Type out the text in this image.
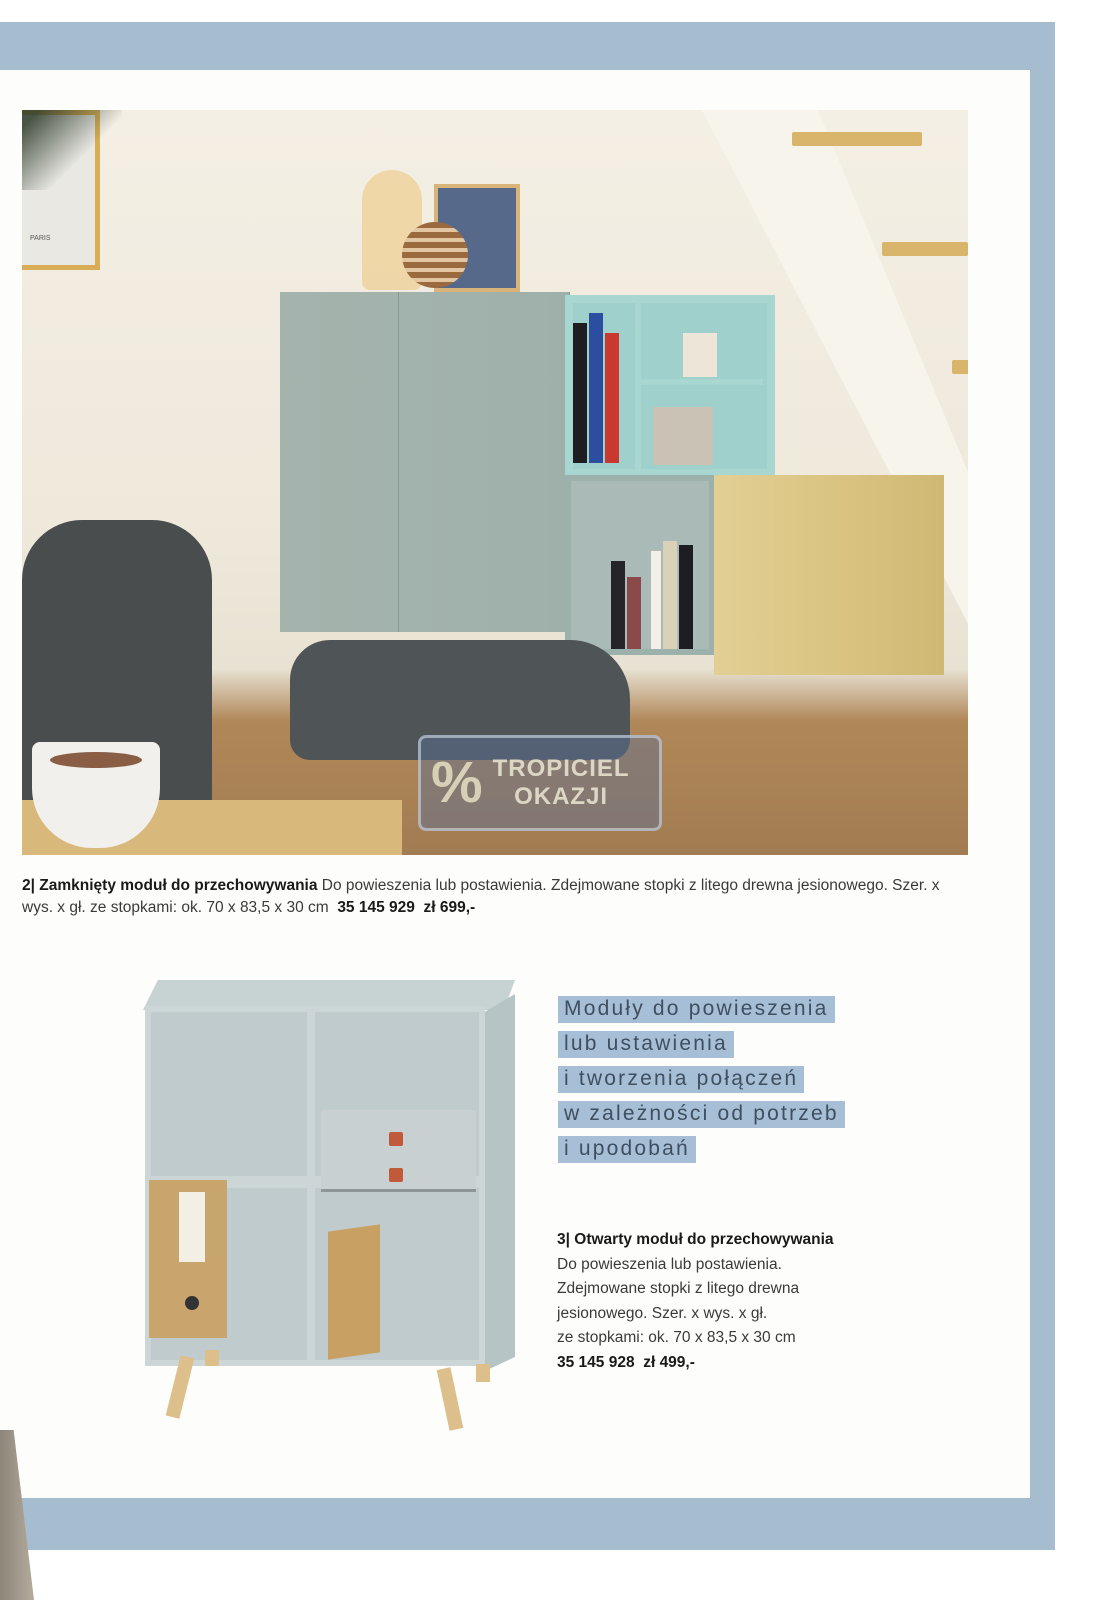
PARIS
% TROPICIEL
OKAZJI

2| Zamknięty moduł do przechowywania Do powieszenia lub postawienia. Zdejmowane stopki z litego drewna jesionowego. Szer. x wys. x gł. ze stopkami: ok. 70 x 83,5 x 30 cm 35 145 929 zł 699,-

Moduły do powieszenia
lub ustawienia
i tworzenia połączeń
w zależności od potrzeb
i upodobań
3| Otwarty moduł do przechowywania
Do powieszenia lub postawienia.
Zdejmowane stopki z litego drewna
jesionowego. Szer. x wys. x gł.
ze stopkami: ok. 70 x 83,5 x 30 cm
35 145 928 zł 499,-
